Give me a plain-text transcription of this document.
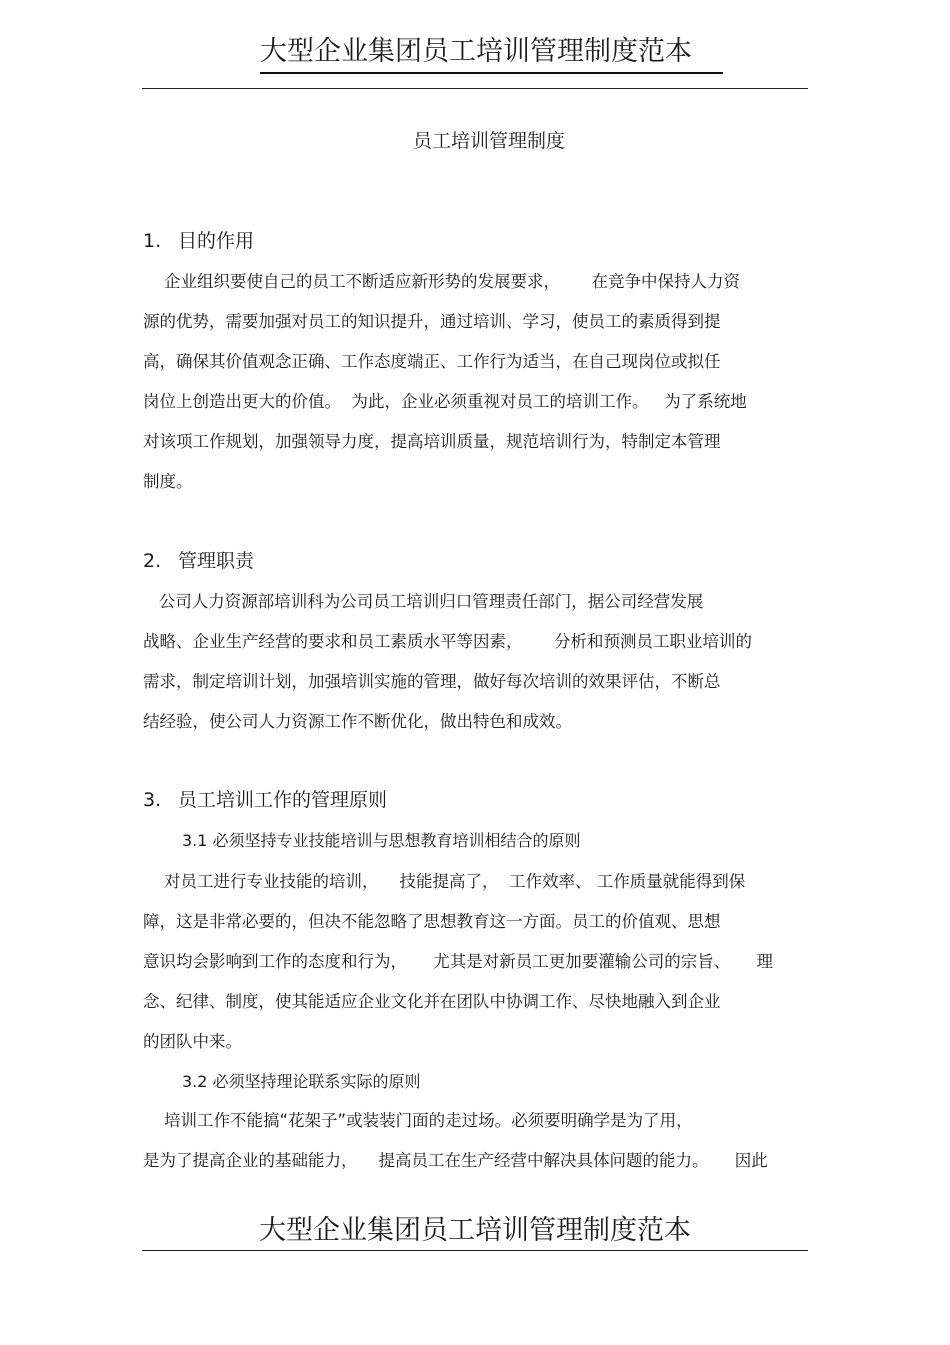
大型企业集团员工培训管理制度范本
员工培训管理制度
1. 目的作用
企业组织要使自己的员工不断适应新形势的发展要求，      在竞争中保持人力资
源的优势，需要加强对员工的知识提升，通过培训、学习，使员工的素质得到提
高，确保其价值观念正确、工作态度端正、工作行为适当，在自己现岗位或拟任
岗位上创造出更大的价值。  为此，企业必须重视对员工的培训工作。   为了系统地
对该项工作规划，加强领导力度，提高培训质量，规范培训行为，特制定本管理
制度。
2. 管理职责
公司人力资源部培训科为公司员工培训归口管理责任部门，据公司经营发展
战略、企业生产经营的要求和员工素质水平等因素，      分析和预测员工职业培训的
需求，制定培训计划，加强培训实施的管理，做好每次培训的效果评估，不断总
结经验，使公司人力资源工作不断优化，做出特色和成效。
3. 员工培训工作的管理原则
3.1 必须坚持专业技能培训与思想教育培训相结合的原则
对员工进行专业技能的培训，    技能提高了，  工作效率、 工作质量就能得到保
障，这是非常必要的，但决不能忽略了思想教育这一方面。员工的价值观、思想
意识均会影响到工作的态度和行为，     尤其是对新员工更加要灌输公司的宗旨、     理
念、纪律、制度，使其能适应企业文化并在团队中协调工作、尽快地融入到企业
的团队中来。
3.2 必须坚持理论联系实际的原则
培训工作不能搞“花架子”或装装门面的走过场。必须要明确学是为了用，
是为了提高企业的基础能力，    提高员工在生产经营中解决具体问题的能力。     因此
大型企业集团员工培训管理制度范本
